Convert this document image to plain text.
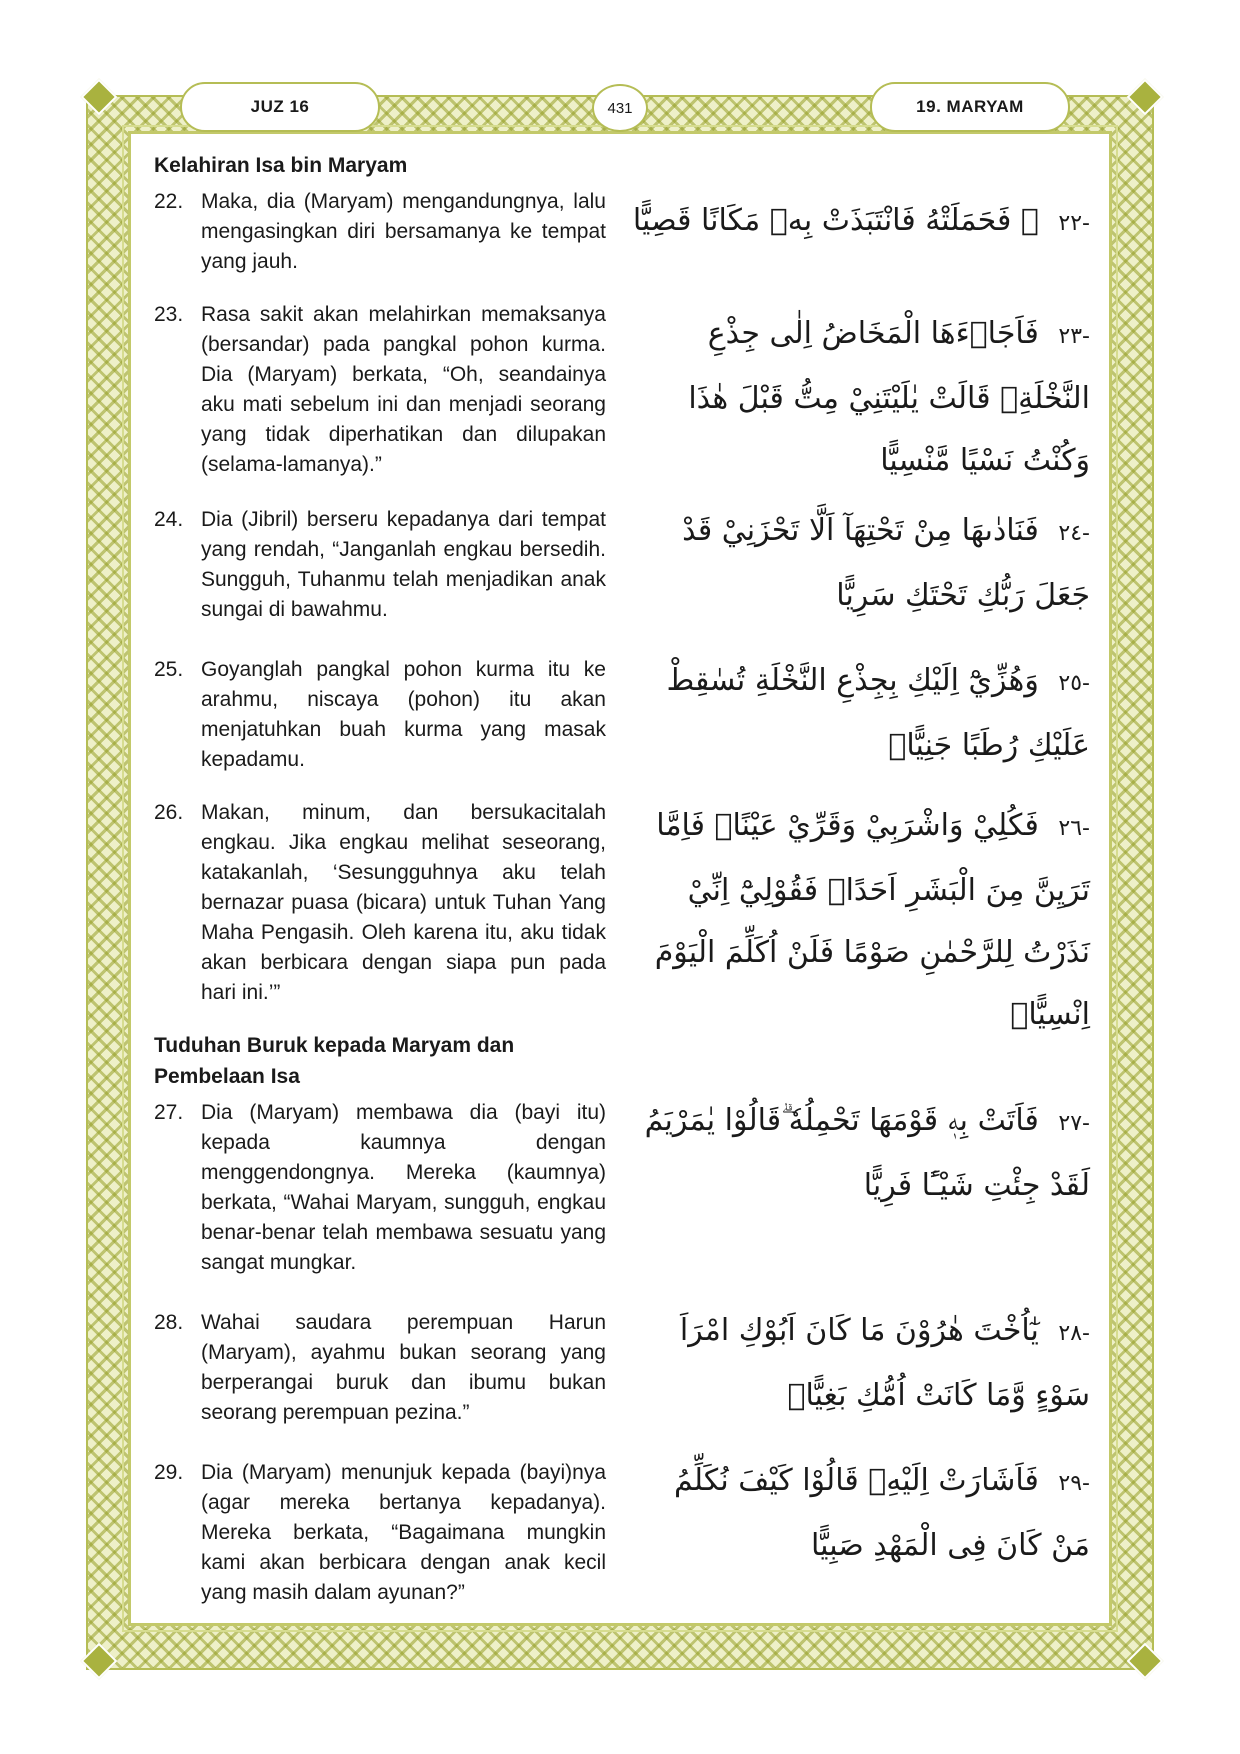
JUZ 16	431	19. MARYAM
Kelahiran Isa bin Maryam
22. Maka, dia (Maryam) mengandungnya, lalu mengasingkan diri bersamanya ke tempat yang jauh.
-٢٢ ۞ فَحَمَلَتْهُ فَانْتَبَذَتْ بِهٖ مَكَانًا قَصِيًّا
23. Rasa sakit akan melahirkan memaksanya (bersandar) pada pangkal pohon kurma. Dia (Maryam) berkata, “Oh, seandainya aku mati sebelum ini dan menjadi seorang yang tidak diperhatikan dan dilupakan (selama-lamanya).”
-٢٣ فَاَجَاۤءَهَا الْمَخَاضُ اِلٰى جِذْعِ النَّخْلَةِۚ قَالَتْ يٰلَيْتَنِيْ مِتُّ قَبْلَ هٰذَا وَكُنْتُ نَسْيًا مَّنْسِيًّا
24. Dia (Jibril) berseru kepadanya dari tempat yang rendah, “Janganlah engkau bersedih. Sungguh, Tuhanmu telah menjadikan anak sungai di bawahmu.
-٢٤ فَنَادٰىهَا مِنْ تَحْتِهَآ اَلَّا تَحْزَنِيْ قَدْ جَعَلَ رَبُّكِ تَحْتَكِ سَرِيًّا
25. Goyanglah pangkal pohon kurma itu ke arahmu, niscaya (pohon) itu akan menjatuhkan buah kurma yang masak kepadamu.
-٢٥ وَهُزِّيْٓ اِلَيْكِ بِجِذْعِ النَّخْلَةِ تُسٰقِطْ عَلَيْكِ رُطَبًا جَنِيًّاۖ
26. Makan, minum, dan bersukacitalah engkau. Jika engkau melihat seseorang, katakanlah, ‘Sesungguhnya aku telah bernazar puasa (bicara) untuk Tuhan Yang Maha Pengasih. Oleh karena itu, aku tidak akan berbicara dengan siapa pun pada hari ini.’”
-٢٦ فَكُلِيْ وَاشْرَبِيْ وَقَرِّيْ عَيْنًاۚ فَاِمَّا تَرَيِنَّ مِنَ الْبَشَرِ اَحَدًاۙ فَقُوْلِيْٓ اِنِّيْ نَذَرْتُ لِلرَّحْمٰنِ صَوْمًا فَلَنْ اُكَلِّمَ الْيَوْمَ اِنْسِيًّاۚ
Tuduhan Buruk kepada Maryam dan Pembelaan Isa
27. Dia (Maryam) membawa dia (bayi itu) kepada kaumnya dengan menggendongnya. Mereka (kaumnya) berkata, “Wahai Maryam, sungguh, engkau benar-benar telah membawa sesuatu yang sangat mungkar.
-٢٧ فَاَتَتْ بِهٖ قَوْمَهَا تَحْمِلُهٗ ۗقَالُوْا يٰمَرْيَمُ لَقَدْ جِئْتِ شَيْـًٔا فَرِيًّا
28. Wahai saudara perempuan Harun (Maryam), ayahmu bukan seorang yang berperangai buruk dan ibumu bukan seorang perempuan pezina.”
-٢٨ يٰٓاُخْتَ هٰرُوْنَ مَا كَانَ اَبُوْكِ امْرَاَ سَوْءٍ وَّمَا كَانَتْ اُمُّكِ بَغِيًّاۖ
29. Dia (Maryam) menunjuk kepada (bayi)nya (agar mereka bertanya kepadanya). Mereka berkata, “Bagaimana mungkin kami akan berbicara dengan anak kecil yang masih dalam ayunan?”
-٢٩ فَاَشَارَتْ اِلَيْهِۗ قَالُوْا كَيْفَ نُكَلِّمُ مَنْ كَانَ فِى الْمَهْدِ صَبِيًّا
